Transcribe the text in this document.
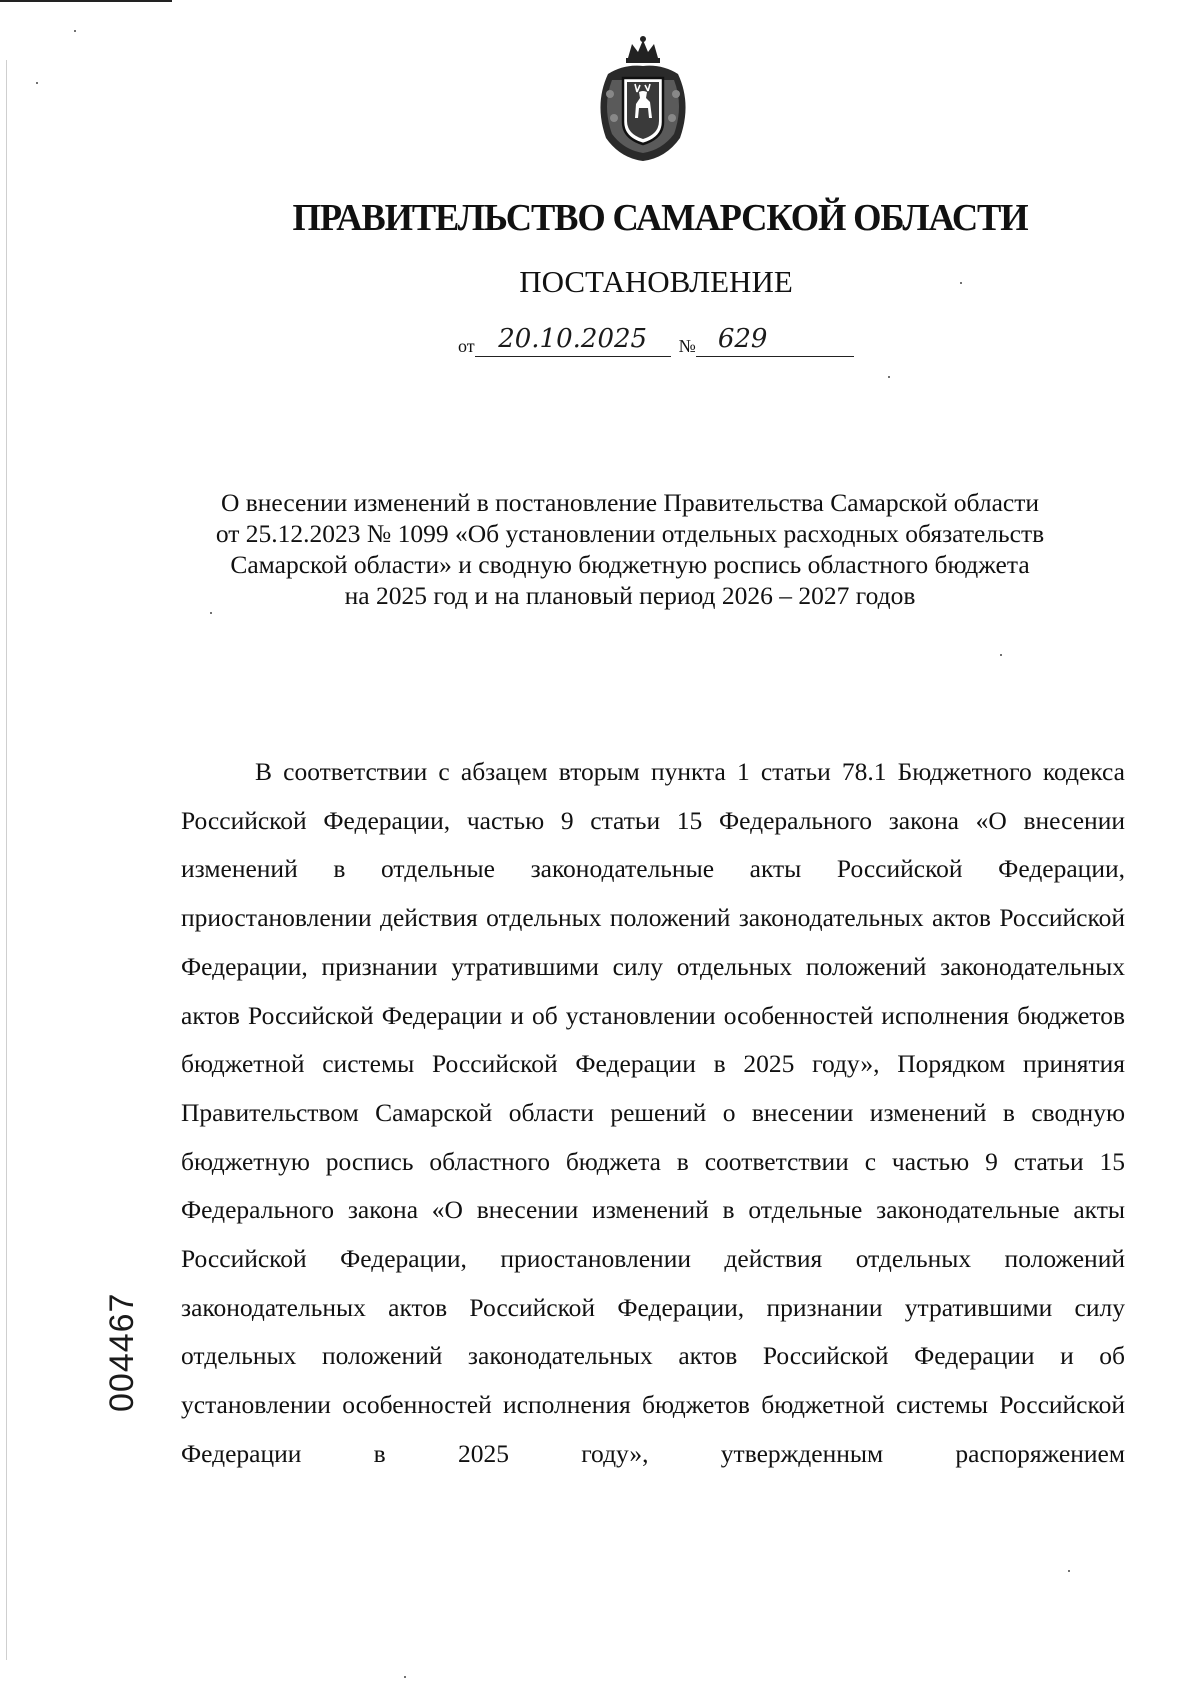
ПРАВИТЕЛЬСТВО САМАРСКОЙ ОБЛАСТИ
ПОСТАНОВЛЕНИЕ
от 20.10.2025 № 629
О внесении изменений в постановление Правительства Самарской области
от 25.12.2023 № 1099 «Об установлении отдельных расходных обязательств
Самарской области» и сводную бюджетную роспись областного бюджета
на 2025 год и на плановый период 2026 – 2027 годов

В соответствии с абзацем вторым пункта 1 статьи 78.1 Бюджетного кодекса Российской Федерации, частью 9 статьи 15 Федерального закона «О внесении изменений в отдельные законодательные акты Российской Федерации, приостановлении действия отдельных положений законодательных актов Российской Федерации, признании утратившими силу отдельных положений законодательных актов Российской Федерации и об установлении особенностей исполнения бюджетов бюджетной системы Российской Федерации в 2025 году», Порядком принятия Правительством Самарской области решений о внесении изменений в сводную бюджетную роспись областного бюджета в соответствии с частью 9 статьи 15 Федерального закона «О внесении изменений в отдельные законодательные акты Российской Федерации, приостановлении действия отдельных положений законодательных актов Российской Федерации, признании утратившими силу отдельных положений законодательных актов Российской Федерации и об установлении особенностей исполнения бюджетов бюджетной системы Российской Федерации в 2025 году», утвержденным распоряжением

004467
